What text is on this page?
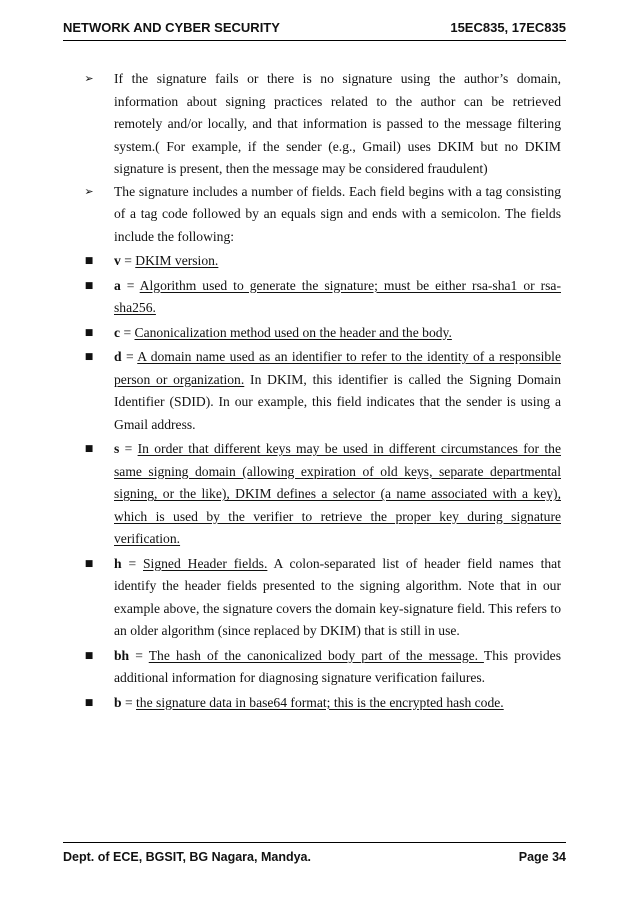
NETWORK AND CYBER SECURITY	15EC835, 17EC835
➢ If the signature fails or there is no signature using the author’s domain, information about signing practices related to the author can be retrieved remotely and/or locally, and that information is passed to the message filtering system.( For example, if the sender (e.g., Gmail) uses DKIM but no DKIM signature is present, then the message may be considered fraudulent)
➢ The signature includes a number of fields. Each field begins with a tag consisting of a tag code followed by an equals sign and ends with a semicolon. The fields include the following:
■ v = DKIM version.
■ a = Algorithm used to generate the signature; must be either rsa-sha1 or rsa-sha256.
■ c = Canonicalization method used on the header and the body.
■ d = A domain name used as an identifier to refer to the identity of a responsible person or organization. In DKIM, this identifier is called the Signing Domain Identifier (SDID). In our example, this field indicates that the sender is using a Gmail address.
■ s = In order that different keys may be used in different circumstances for the same signing domain (allowing expiration of old keys, separate departmental signing, or the like), DKIM defines a selector (a name associated with a key), which is used by the verifier to retrieve the proper key during signature verification.
■ h = Signed Header fields. A colon-separated list of header field names that identify the header fields presented to the signing algorithm. Note that in our example above, the signature covers the domain key-signature field. This refers to an older algorithm (since replaced by DKIM) that is still in use.
■ bh = The hash of the canonicalized body part of the message. This provides additional information for diagnosing signature verification failures.
■ b = the signature data in base64 format; this is the encrypted hash code.
Dept. of ECE, BGSIT, BG Nagara, Mandya.	Page 34
